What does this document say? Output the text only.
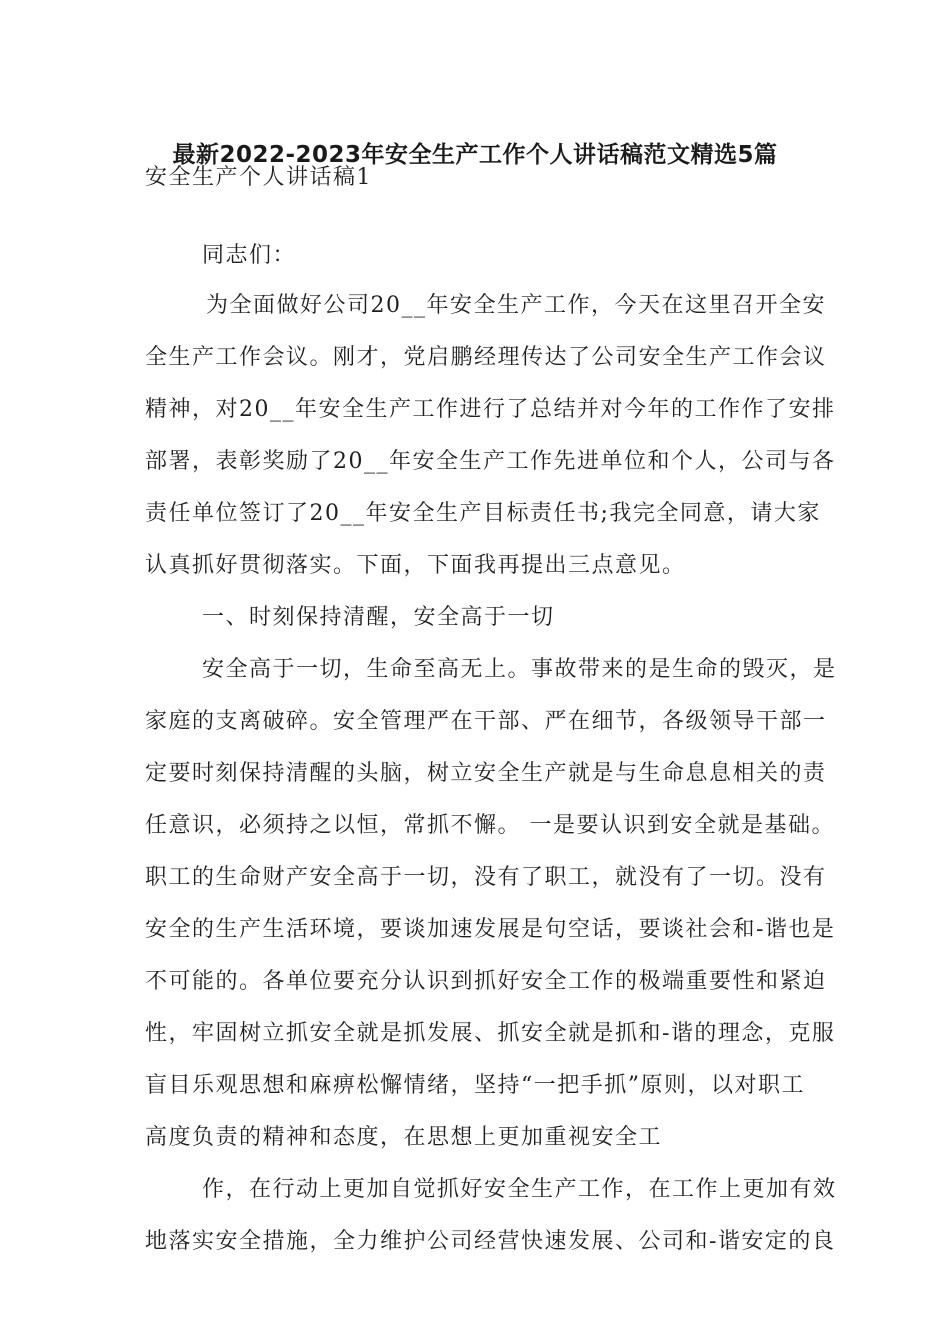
最新2022-2023年安全生产工作个人讲话稿范文精选5篇
安全生产个人讲话稿1
同志们：
为全面做好公司20__年安全生产工作，今天在这里召开全安
全生产工作会议。刚才，党启鹏经理传达了公司安全生产工作会议
精神，对20__年安全生产工作进行了总结并对今年的工作作了安排
部署，表彰奖励了20__年安全生产工作先进单位和个人，公司与各
责任单位签订了20__年安全生产目标责任书;我完全同意，请大家
认真抓好贯彻落实。下面，下面我再提出三点意见。
一、时刻保持清醒，安全高于一切
安全高于一切，生命至高无上。事故带来的是生命的毁灭，是
家庭的支离破碎。安全管理严在干部、严在细节，各级领导干部一
定要时刻保持清醒的头脑，树立安全生产就是与生命息息相关的责
任意识，必须持之以恒，常抓不懈。 一是要认识到安全就是基础。
职工的生命财产安全高于一切，没有了职工，就没有了一切。没有
安全的生产生活环境，要谈加速发展是句空话，要谈社会和-谐也是
不可能的。各单位要充分认识到抓好安全工作的极端重要性和紧迫
性，牢固树立抓安全就是抓发展、抓安全就是抓和-谐的理念，克服
盲目乐观思想和麻痹松懈情绪，坚持“一把手抓”原则，以对职工
高度负责的精神和态度，在思想上更加重视安全工
作，在行动上更加自觉抓好安全生产工作，在工作上更加有效
地落实安全措施，全力维护公司经营快速发展、公司和-谐安定的良
